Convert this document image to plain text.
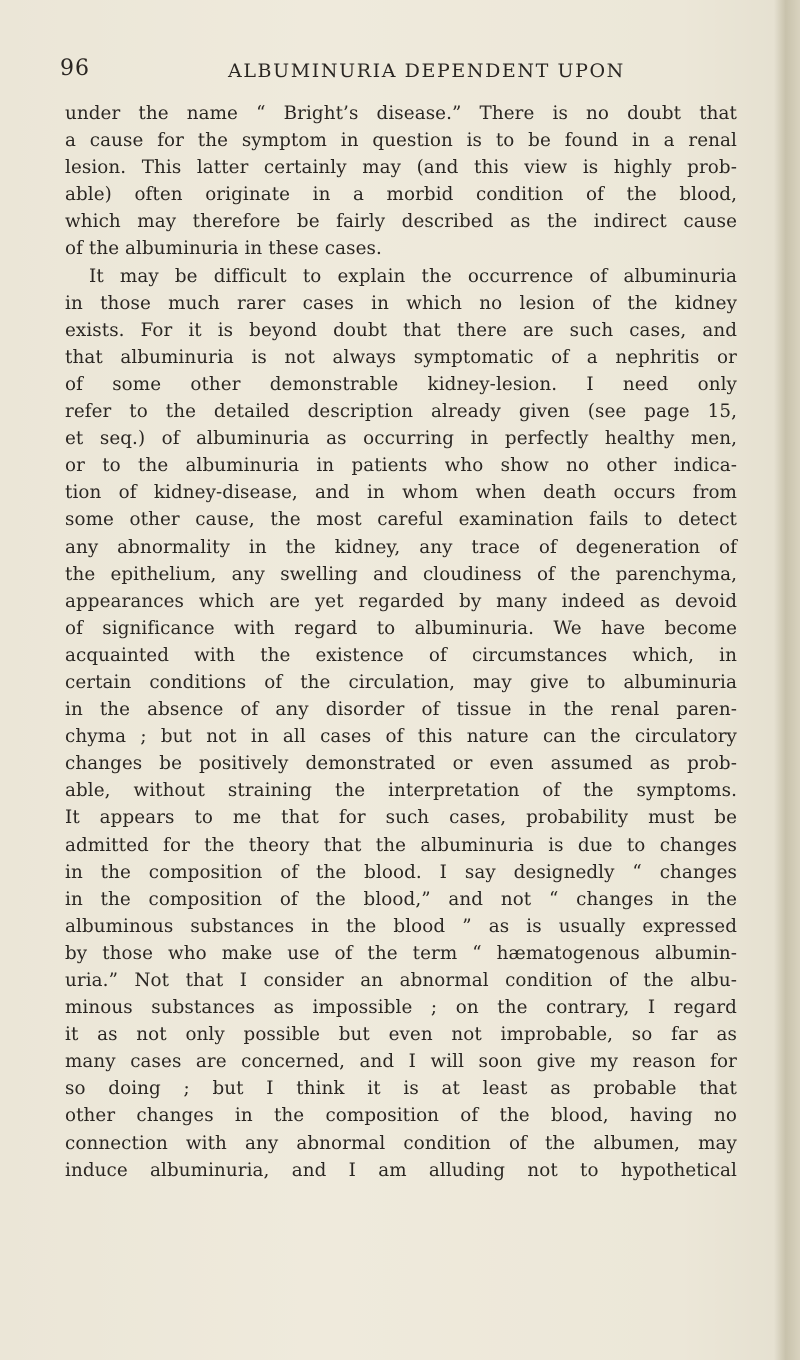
96	ALBUMINURIA DEPENDENT UPON
under the name “ Bright’s disease.” There is no doubt that
a cause for the symptom in question is to be found in a renal
lesion. This latter certainly may (and this view is highly prob-
able) often originate in a morbid condition of the blood,
which may therefore be fairly described as the indirect cause
of the albuminuria in these cases.
It may be difficult to explain the occurrence of albuminuria
in those much rarer cases in which no lesion of the kidney
exists. For it is beyond doubt that there are such cases, and
that albuminuria is not always symptomatic of a nephritis or
of some other demonstrable kidney-lesion. I need only
refer to the detailed description already given (see page 15,
et seq.) of albuminuria as occurring in perfectly healthy men,
or to the albuminuria in patients who show no other indica-
tion of kidney-disease, and in whom when death occurs from
some other cause, the most careful examination fails to detect
any abnormality in the kidney, any trace of degeneration of
the epithelium, any swelling and cloudiness of the parenchyma,
appearances which are yet regarded by many indeed as devoid
of significance with regard to albuminuria. We have become
acquainted with the existence of circumstances which, in
certain conditions of the circulation, may give to albuminuria
in the absence of any disorder of tissue in the renal paren-
chyma ; but not in all cases of this nature can the circulatory
changes be positively demonstrated or even assumed as prob-
able, without straining the interpretation of the symptoms.
It appears to me that for such cases, probability must be
admitted for the theory that the albuminuria is due to changes
in the composition of the blood. I say designedly “ changes
in the composition of the blood,” and not “ changes in the
albuminous substances in the blood ” as is usually expressed
by those who make use of the term “ hæmatogenous albumin-
uria.” Not that I consider an abnormal condition of the albu-
minous substances as impossible ; on the contrary, I regard
it as not only possible but even not improbable, so far as
many cases are concerned, and I will soon give my reason for
so doing ; but I think it is at least as probable that
other changes in the composition of the blood, having no
connection with any abnormal condition of the albumen, may
induce albuminuria, and I am alluding not to hypothetical
